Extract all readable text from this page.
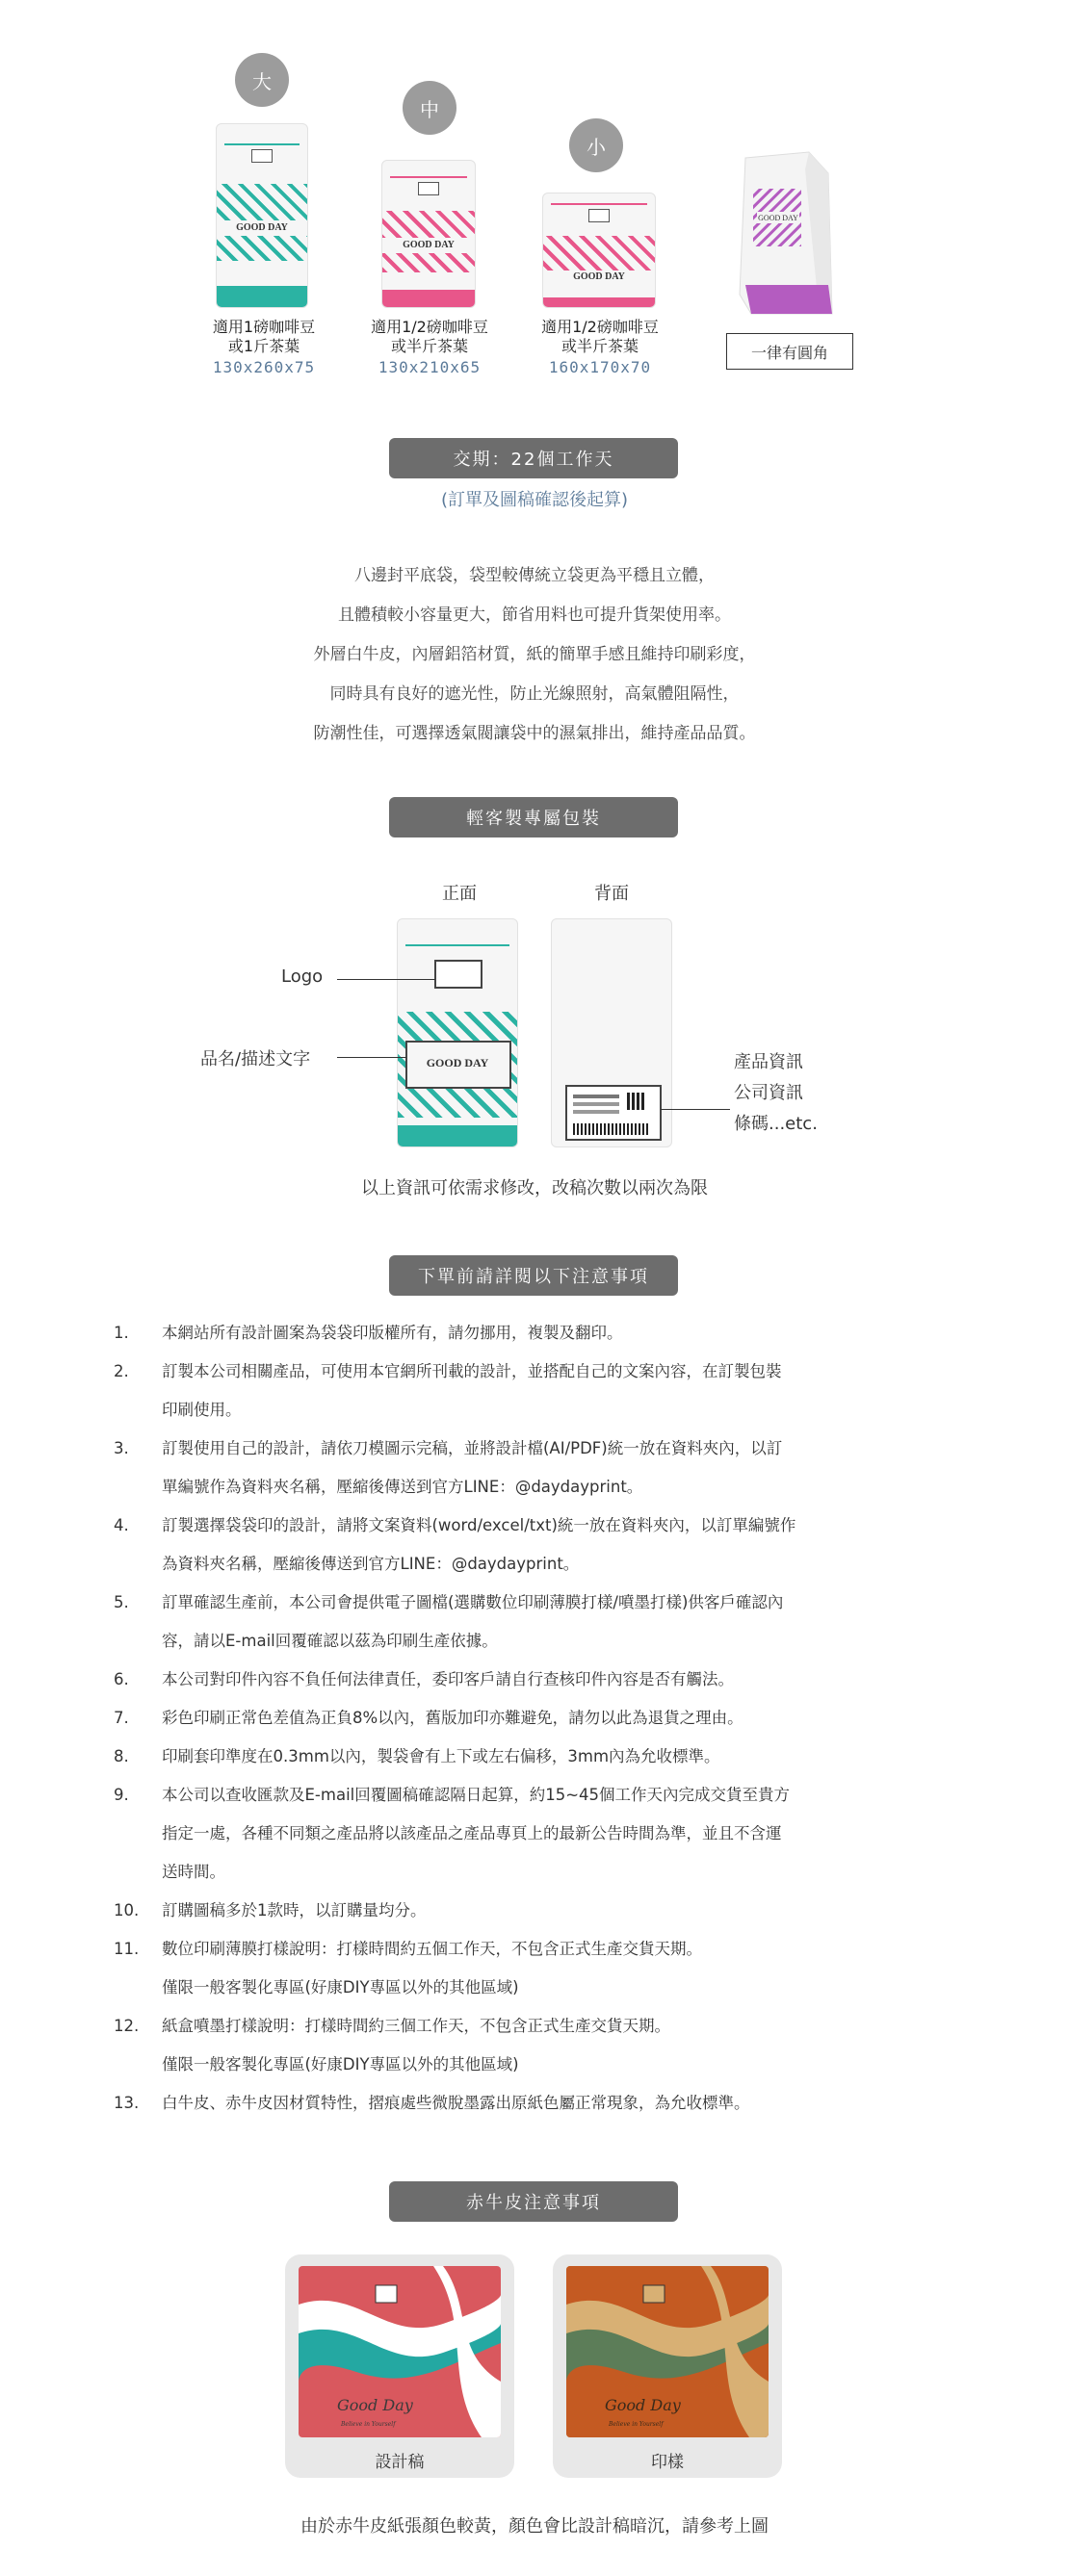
大
中
小
GOOD DAY
GOOD DAY
GOOD DAY
GOOD DAY
適用1磅咖啡豆
或1斤茶葉
130x260x75
適用1/2磅咖啡豆
或半斤茶葉
130x210x65
適用1/2磅咖啡豆
或半斤茶葉
160x170x70
一律有圓角
交期：22個工作天
(訂單及圖稿確認後起算)
八邊封平底袋，袋型較傳統立袋更為平穩且立體，
且體積較小容量更大，節省用料也可提升貨架使用率。
外層白牛皮，內層鋁箔材質，紙的簡單手感且維持印刷彩度，
同時具有良好的遮光性，防止光線照射，高氣體阻隔性，
防潮性佳，可選擇透氣閥讓袋中的濕氣排出，維持產品品質。
輕客製專屬包裝
正面	背面
GOOD DAY
Logo
品名/描述文字	產品資訊
公司資訊
條碼...etc.
以上資訊可依需求修改，改稿次數以兩次為限
下單前請詳閱以下注意事項
1.	本網站所有設計圖案為袋袋印版權所有，請勿挪用，複製及翻印。
2.	訂製本公司相關產品，可使用本官網所刊載的設計，並搭配自己的文案內容，在訂製包裝
印刷使用。
3.	訂製使用自己的設計，請依刀模圖示完稿，並將設計檔(AI/PDF)統一放在資料夾內，以訂
單編號作為資料夾名稱，壓縮後傳送到官方LINE：@daydayprint。
4.	訂製選擇袋袋印的設計，請將文案資料(word/excel/txt)統一放在資料夾內，以訂單編號作
為資料夾名稱，壓縮後傳送到官方LINE：@daydayprint。
5.	訂單確認生產前，本公司會提供電子圖檔(選購數位印刷薄膜打樣/噴墨打樣)供客戶確認內
容，請以E-mail回覆確認以茲為印刷生產依據。
6.	本公司對印件內容不負任何法律責任，委印客戶請自行查核印件內容是否有觸法。
7.	彩色印刷正常色差值為正負8%以內，舊版加印亦難避免，請勿以此為退貨之理由。
8.	印刷套印準度在0.3mm以內，製袋會有上下或左右偏移，3mm內為允收標準。
9.	本公司以查收匯款及E-mail回覆圖稿確認隔日起算，約15~45個工作天內完成交貨至貴方
指定一處，各種不同類之產品將以該產品之產品專頁上的最新公告時間為準，並且不含運
送時間。
10.	訂購圖稿多於1款時，以訂購量均分。
11.	數位印刷薄膜打樣說明：打樣時間約五個工作天，不包含正式生產交貨天期。
僅限一般客製化專區(好康DIY專區以外的其他區域)
12.	紙盒噴墨打樣說明：打樣時間約三個工作天，不包含正式生產交貨天期。
僅限一般客製化專區(好康DIY專區以外的其他區域)
13.	白牛皮、赤牛皮因材質特性，摺痕處些微脫墨露出原紙色屬正常現象，為允收標準。
赤牛皮注意事項
Good Day
Believe in Yourself
設計稿
Good Day
Believe in Yourself
印樣
由於赤牛皮紙張顏色較黃，顏色會比設計稿暗沉，請參考上圖
